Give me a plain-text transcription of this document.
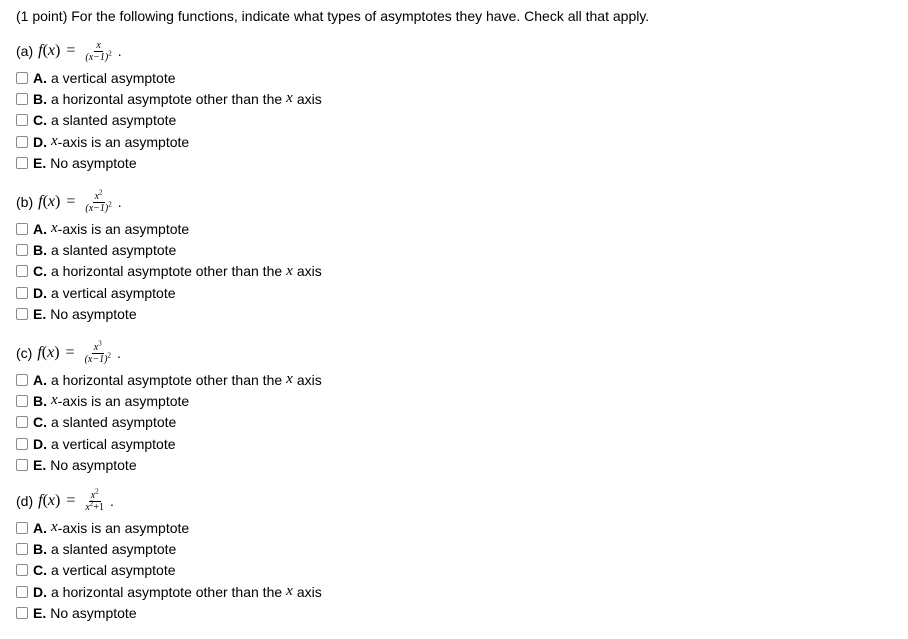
(1 point) For the following functions, indicate what types of asymptotes they have. Check all that apply.
(a) $f(x) = \frac{x}{(x-1)^2}$ .
A. a vertical asymptote
B. a horizontal asymptote other than the x axis
C. a slanted asymptote
D. x -axis is an asymptote
E. No asymptote
(b) $f(x) = \frac{x^2}{(x-1)^2}$ .
A. x -axis is an asymptote
B. a slanted asymptote
C. a horizontal asymptote other than the x axis
D. a vertical asymptote
E. No asymptote
(c) $f(x) = \frac{x^3}{(x-1)^2}$ .
A. a horizontal asymptote other than the x axis
B. x -axis is an asymptote
C. a slanted asymptote
D. a vertical asymptote
E. No asymptote
(d) $f(x) = \frac{x^2}{x^2+1}$ .
A. x -axis is an asymptote
B. a slanted asymptote
C. a vertical asymptote
D. a horizontal asymptote other than the x axis
E. No asymptote
